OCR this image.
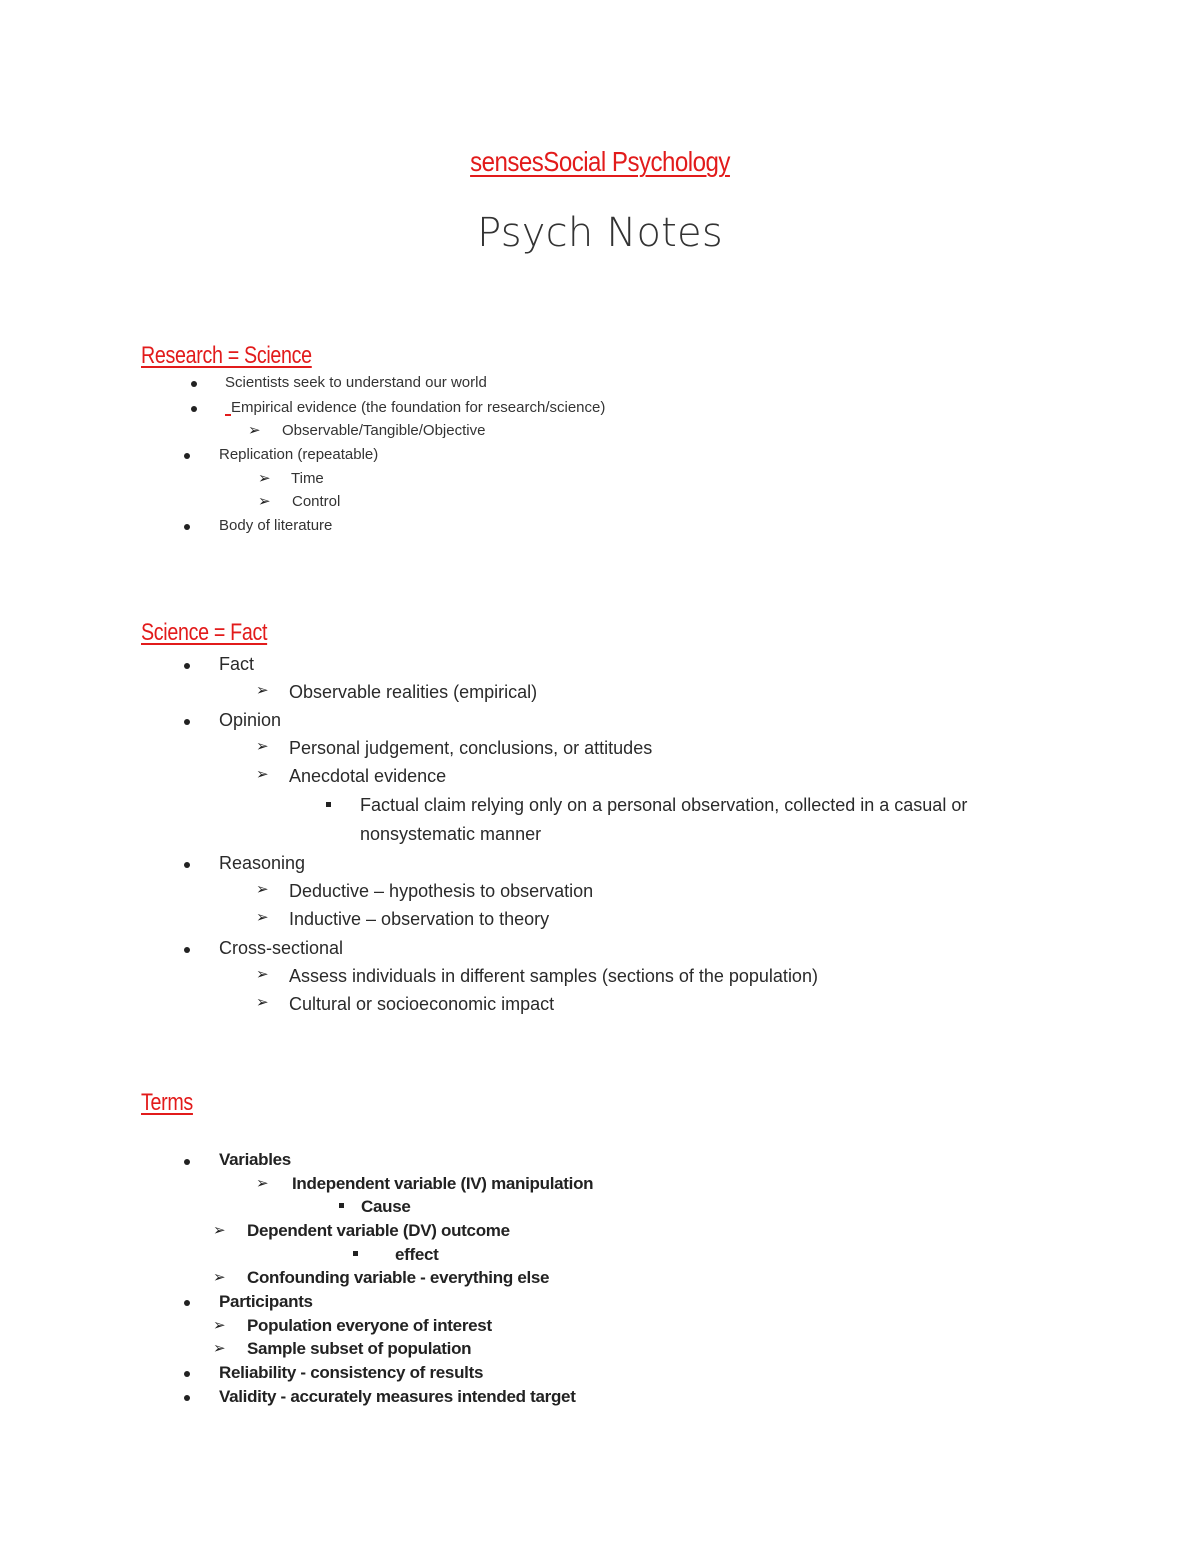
sensesSocial Psychology
Psych Notes
Research = Science
Scientists seek to understand our world
Empirical evidence (the foundation for research/science)
➢ Observable/Tangible/Objective
Replication (repeatable)
➢ Time
➢ Control
Body of literature
Science = Fact
Fact
➢ Observable realities (empirical)
Opinion
➢ Personal judgement, conclusions, or attitudes
➢ Anecdotal evidence
Factual claim relying only on a personal observation, collected in a casual or
nonsystematic manner
Reasoning
➢ Deductive – hypothesis to observation
➢ Inductive – observation to theory
Cross-sectional
➢ Assess individuals in different samples (sections of the population)
➢ Cultural or socioeconomic impact
Terms
Variables
➢ Independent variable (IV) manipulation
Cause
➢ Dependent variable (DV) outcome
effect
➢ Confounding variable - everything else
Participants
➢ Population everyone of interest
➢ Sample subset of population
Reliability - consistency of results
Validity - accurately measures intended target
